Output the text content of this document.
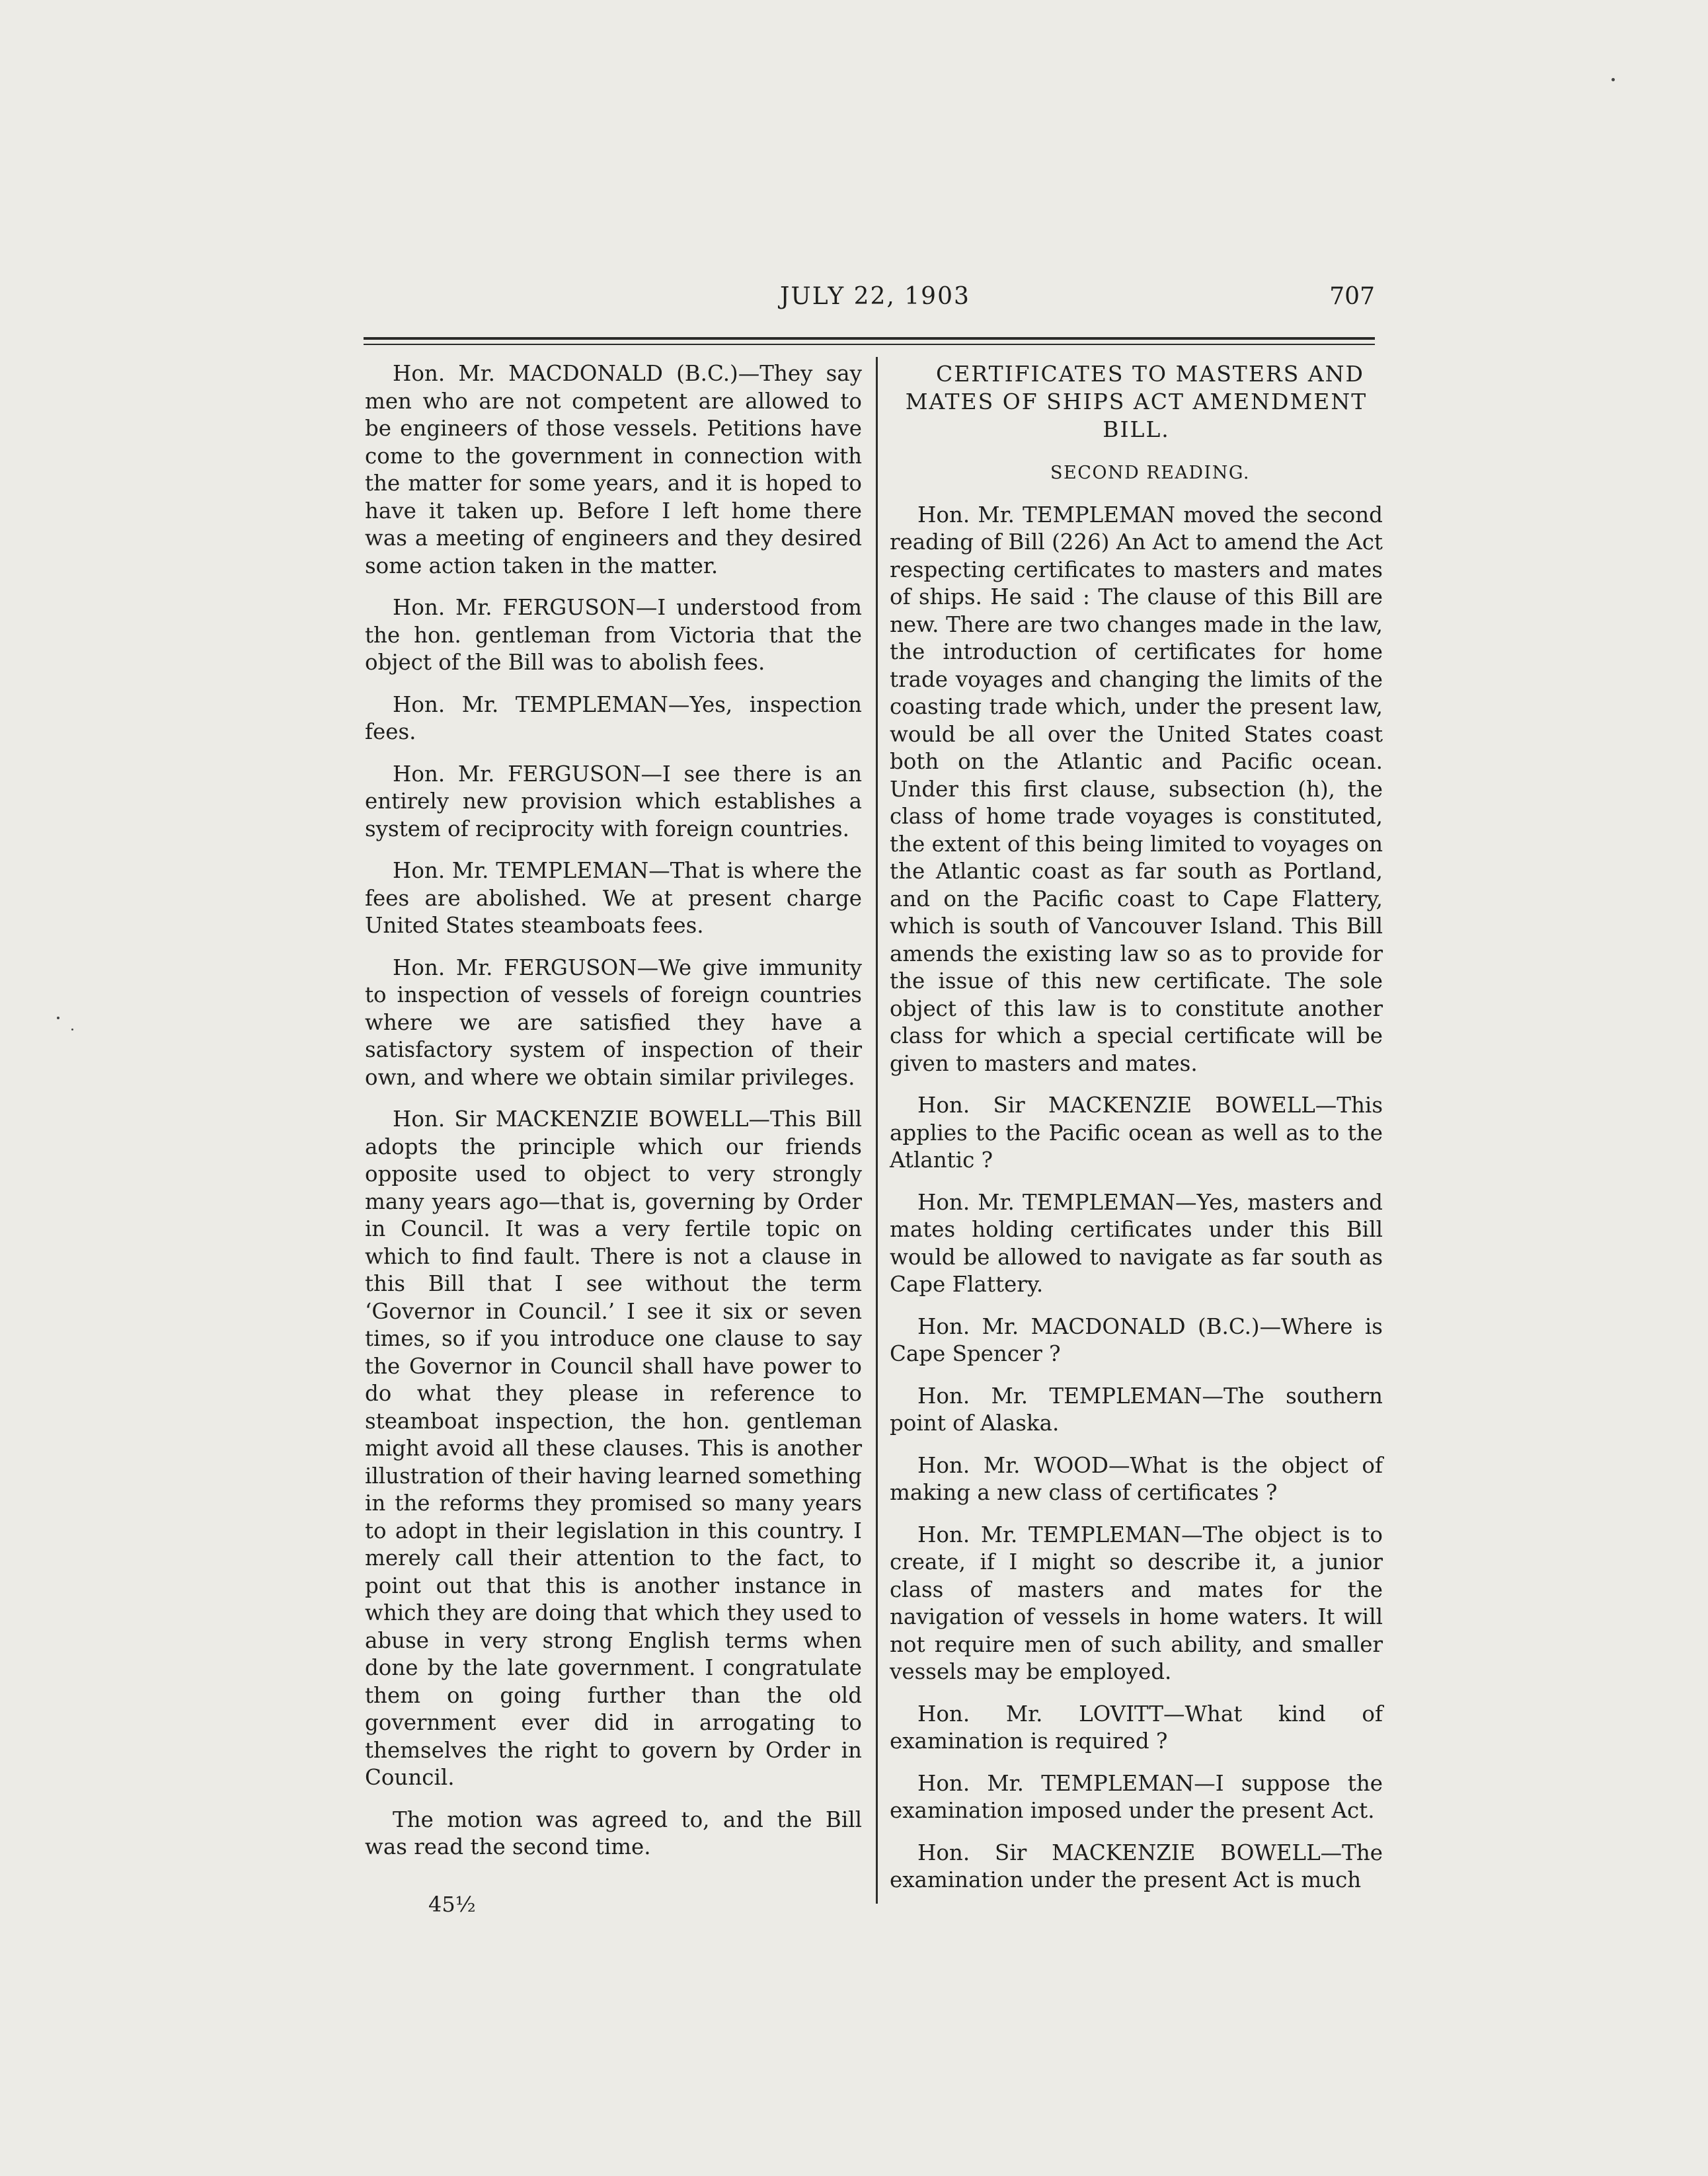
JULY 22, 1903	707

Hon. Mr. MACDONALD (B.C.)—They say men who are not competent are allowed to be engineers of those vessels. Petitions have come to the government in connection with the matter for some years, and it is hoped to have it taken up. Before I left home there was a meeting of engineers and they desired some action taken in the matter.

Hon. Mr. FERGUSON—I understood from the hon. gentleman from Victoria that the object of the Bill was to abolish fees.

Hon. Mr. TEMPLEMAN—Yes, inspection fees.

Hon. Mr. FERGUSON—I see there is an entirely new provision which establishes a system of reciprocity with foreign countries.

Hon. Mr. TEMPLEMAN—That is where the fees are abolished. We at present charge United States steamboats fees.

Hon. Mr. FERGUSON—We give immunity to inspection of vessels of foreign countries where we are satisfied they have a satisfactory system of inspection of their own, and where we obtain similar privileges.

Hon. Sir MACKENZIE BOWELL—This Bill adopts the principle which our friends opposite used to object to very strongly many years ago—that is, governing by Order in Council. It was a very fertile topic on which to find fault. There is not a clause in this Bill that I see without the term ‘Governor in Council.’ I see it six or seven times, so if you introduce one clause to say the Governor in Council shall have power to do what they please in reference to steamboat inspection, the hon. gentleman might avoid all these clauses. This is another illustration of their having learned something in the reforms they promised so many years to adopt in their legislation in this country. I merely call their attention to the fact, to point out that this is another instance in which they are doing that which they used to abuse in very strong English terms when done by the late government. I congratulate them on going further than the old government ever did in arrogating to themselves the right to govern by Order in Council.

The motion was agreed to, and the Bill was read the second time.

CERTIFICATES TO MASTERS AND MATES OF SHIPS ACT AMENDMENT BILL.

SECOND READING.

Hon. Mr. TEMPLEMAN moved the second reading of Bill (226) An Act to amend the Act respecting certificates to masters and mates of ships. He said : The clause of this Bill are new. There are two changes made in the law, the introduction of certificates for home trade voyages and changing the limits of the coasting trade which, under the present law, would be all over the United States coast both on the Atlantic and Pacific ocean. Under this first clause, subsection (h), the class of home trade voyages is constituted, the extent of this being limited to voyages on the Atlantic coast as far south as Portland, and on the Pacific coast to Cape Flattery, which is south of Vancouver Island. This Bill amends the existing law so as to provide for the issue of this new certificate. The sole object of this law is to constitute another class for which a special certificate will be given to masters and mates.

Hon. Sir MACKENZIE BOWELL—This applies to the Pacific ocean as well as to the Atlantic ?

Hon. Mr. TEMPLEMAN—Yes, masters and mates holding certificates under this Bill would be allowed to navigate as far south as Cape Flattery.

Hon. Mr. MACDONALD (B.C.)—Where is Cape Spencer ?

Hon. Mr. TEMPLEMAN—The southern point of Alaska.

Hon. Mr. WOOD—What is the object of making a new class of certificates ?

Hon. Mr. TEMPLEMAN—The object is to create, if I might so describe it, a junior class of masters and mates for the navigation of vessels in home waters. It will not require men of such ability, and smaller vessels may be employed.

Hon. Mr. LOVITT—What kind of examination is required ?

Hon. Mr. TEMPLEMAN—I suppose the examination imposed under the present Act.

Hon. Sir MACKENZIE BOWELL—The examination under the present Act is much

45½
